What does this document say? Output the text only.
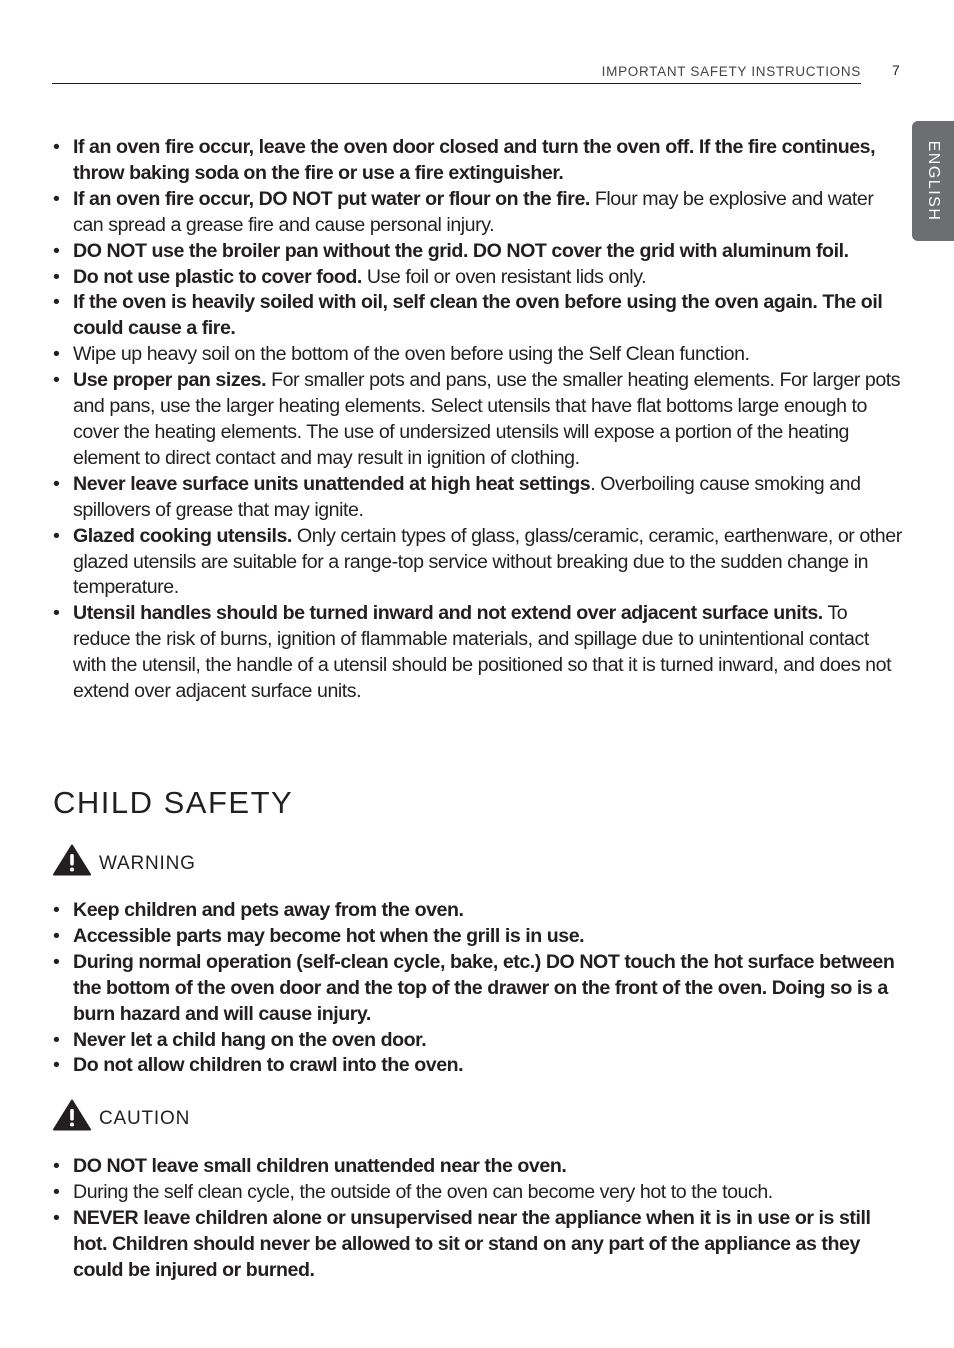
IMPORTANT SAFETY INSTRUCTIONS 7
ENGLISH
• If an oven fire occur, leave the oven door closed and turn the oven off. If the fire continues, throw baking soda on the fire or use a fire extinguisher.
• If an oven fire occur, DO NOT put water or flour on the fire. Flour may be explosive and water can spread a grease fire and cause personal injury.
• DO NOT use the broiler pan without the grid. DO NOT cover the grid with aluminum foil.
• Do not use plastic to cover food. Use foil or oven resistant lids only.
• If the oven is heavily soiled with oil, self clean the oven before using the oven again. The oil could cause a fire.
• Wipe up heavy soil on the bottom of the oven before using the Self Clean function.
• Use proper pan sizes. For smaller pots and pans, use the smaller heating elements. For larger pots and pans, use the larger heating elements. Select utensils that have flat bottoms large enough to cover the heating elements. The use of undersized utensils will expose a portion of the heating element to direct contact and may result in ignition of clothing.
• Never leave surface units unattended at high heat settings. Overboiling cause smoking and spillovers of grease that may ignite.
• Glazed cooking utensils. Only certain types of glass, glass/ceramic, ceramic, earthenware, or other glazed utensils are suitable for a range-top service without breaking due to the sudden change in temperature.
• Utensil handles should be turned inward and not extend over adjacent surface units. To reduce the risk of burns, ignition of flammable materials, and spillage due to unintentional contact with the utensil, the handle of a utensil should be positioned so that it is turned inward, and does not extend over adjacent surface units.
CHILD SAFETY
WARNING
• Keep children and pets away from the oven.
• Accessible parts may become hot when the grill is in use.
• During normal operation (self-clean cycle, bake, etc.) DO NOT touch the hot surface between the bottom of the oven door and the top of the drawer on the front of the oven. Doing so is a burn hazard and will cause injury.
• Never let a child hang on the oven door.
• Do not allow children to crawl into the oven.
CAUTION
• DO NOT leave small children unattended near the oven.
• During the self clean cycle, the outside of the oven can become very hot to the touch.
• NEVER leave children alone or unsupervised near the appliance when it is in use or is still hot. Children should never be allowed to sit or stand on any part of the appliance as they could be injured or burned.
